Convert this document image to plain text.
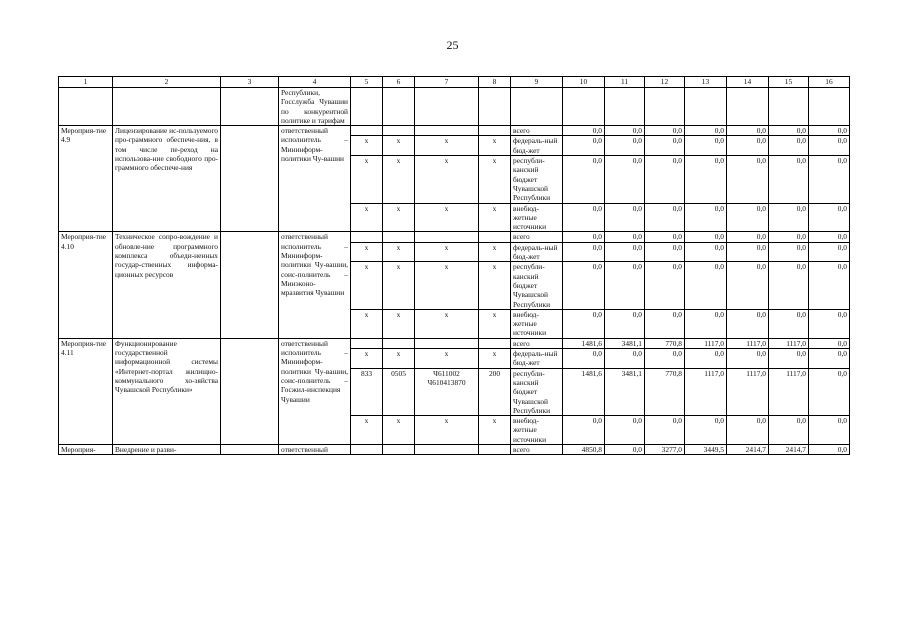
25
1	2	3	4	5	6	7	8	9	10	11	12	13	14	15	16
			Республики, Госслужба Чувашии по конкурентной политике и тарифам												
Мероприя-тие 4.9	Лицензирование ис-пользуемого про-граммного обеспече-ния, в том числе пе-реход на использова-ние свободного про-граммного обеспече-ния		ответственный исполнитель – Мининформ-политики Чу-вашии					всего	0,0	0,0	0,0	0,0	0,0	0,0	0,0
				х	х	х	х	федераль-ный бюд-жет	0,0	0,0	0,0	0,0	0,0	0,0	0,0
				х	х	х	х	республи-канский бюджет Чувашской Республики	0,0	0,0	0,0	0,0	0,0	0,0	0,0
				х	х	х	х	внебюд-жетные источники	0,0	0,0	0,0	0,0	0,0	0,0	0,0
Мероприя-тие 4.10	Техническое сопро-вождение и обновле-ние программного комплекса объеди-ненных государ-ственных информа-ционных ресурсов		ответственный исполнитель – Мининформ-политики Чу-вашии, соис-полнитель – Минэконо-мразвития Чувашии					всего	0,0	0,0	0,0	0,0	0,0	0,0	0,0
				х	х	х	х	федераль-ный бюд-жет	0,0	0,0	0,0	0,0	0,0	0,0	0,0
				х	х	х	х	республи-канский бюджет Чувашской Республики	0,0	0,0	0,0	0,0	0,0	0,0	0,0
				х	х	х	х	внебюд-жетные источники	0,0	0,0	0,0	0,0	0,0	0,0	0,0
Мероприя-тие 4.11	Функционирование государственной информационной системы «Интернет-портал жилищно-коммунального хо-зяйства Чувашской Республики»		ответственный исполнитель – Мининформ-политики Чу-вашии, соис-полнитель – Госжил-инспекция Чувашии					всего	1481,6	3481,1	770,8	1117,0	1117,0	1117,0	0,0
				х	х	х	х	федераль-ный бюд-жет	0,0	0,0	0,0	0,0	0,0	0,0	0,0
				833	0505	Ч611002 Ч610413870	200	республи-канский бюджет Чувашской Республики	1481,6	3481,1	770,8	1117,0	1117,0	1117,0	0,0
				х	х	х	х	внебюд-жетные источники	0,0	0,0	0,0	0,0	0,0	0,0	0,0
Мероприя-	Внедрение и разви-		ответственный					всего	4850,8	0,0	3277,0	3449,5	2414,7	2414,7	0,0
